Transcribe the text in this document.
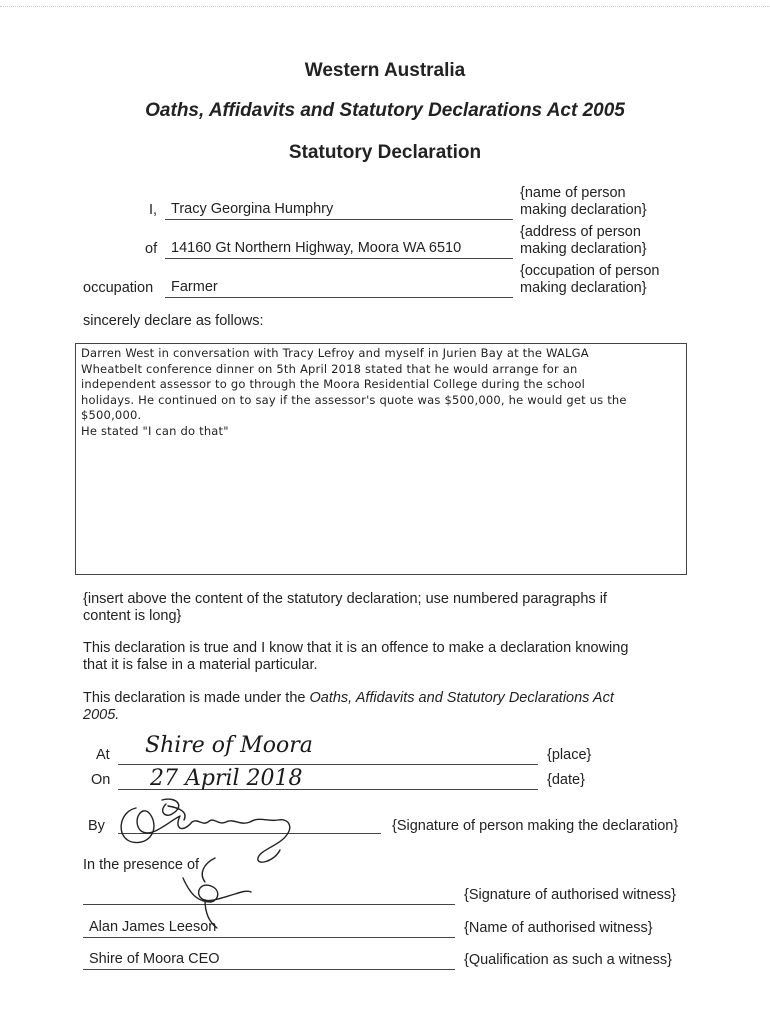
Western Australia
Oaths, Affidavits and Statutory Declarations Act 2005
Statutory Declaration
I, Tracy Georgina Humphry
{name of person
making declaration}
of 14160 Gt Northern Highway, Moora WA 6510
{address of person
making declaration}
occupation	Farmer
{occupation of person
making declaration}
sincerely declare as follows:
Darren West in conversation with Tracy Lefroy and myself in Jurien Bay at the WALGA
Wheatbelt conference dinner on 5th April 2018 stated that he would arrange for an
independent assessor to go through the Moora Residential College during the school
holidays. He continued on to say if the assessor's quote was $500,000, he would get us the
$500,000.
He stated "I can do that"
{insert above the content of the statutory declaration; use numbered paragraphs if
content is long}
This declaration is true and I know that it is an offence to make a declaration knowing
that it is false in a material particular.
This declaration is made under the Oaths, Affidavits and Statutory Declarations Act
2005.
At Shire of Moora	{place}
On 27 April 2018	{date}
By	{Signature of person making the declaration}
In the presence of
{Signature of authorised witness}
Alan James Leeson	{Name of authorised witness}
Shire of Moora CEO	{Qualification as such a witness}
